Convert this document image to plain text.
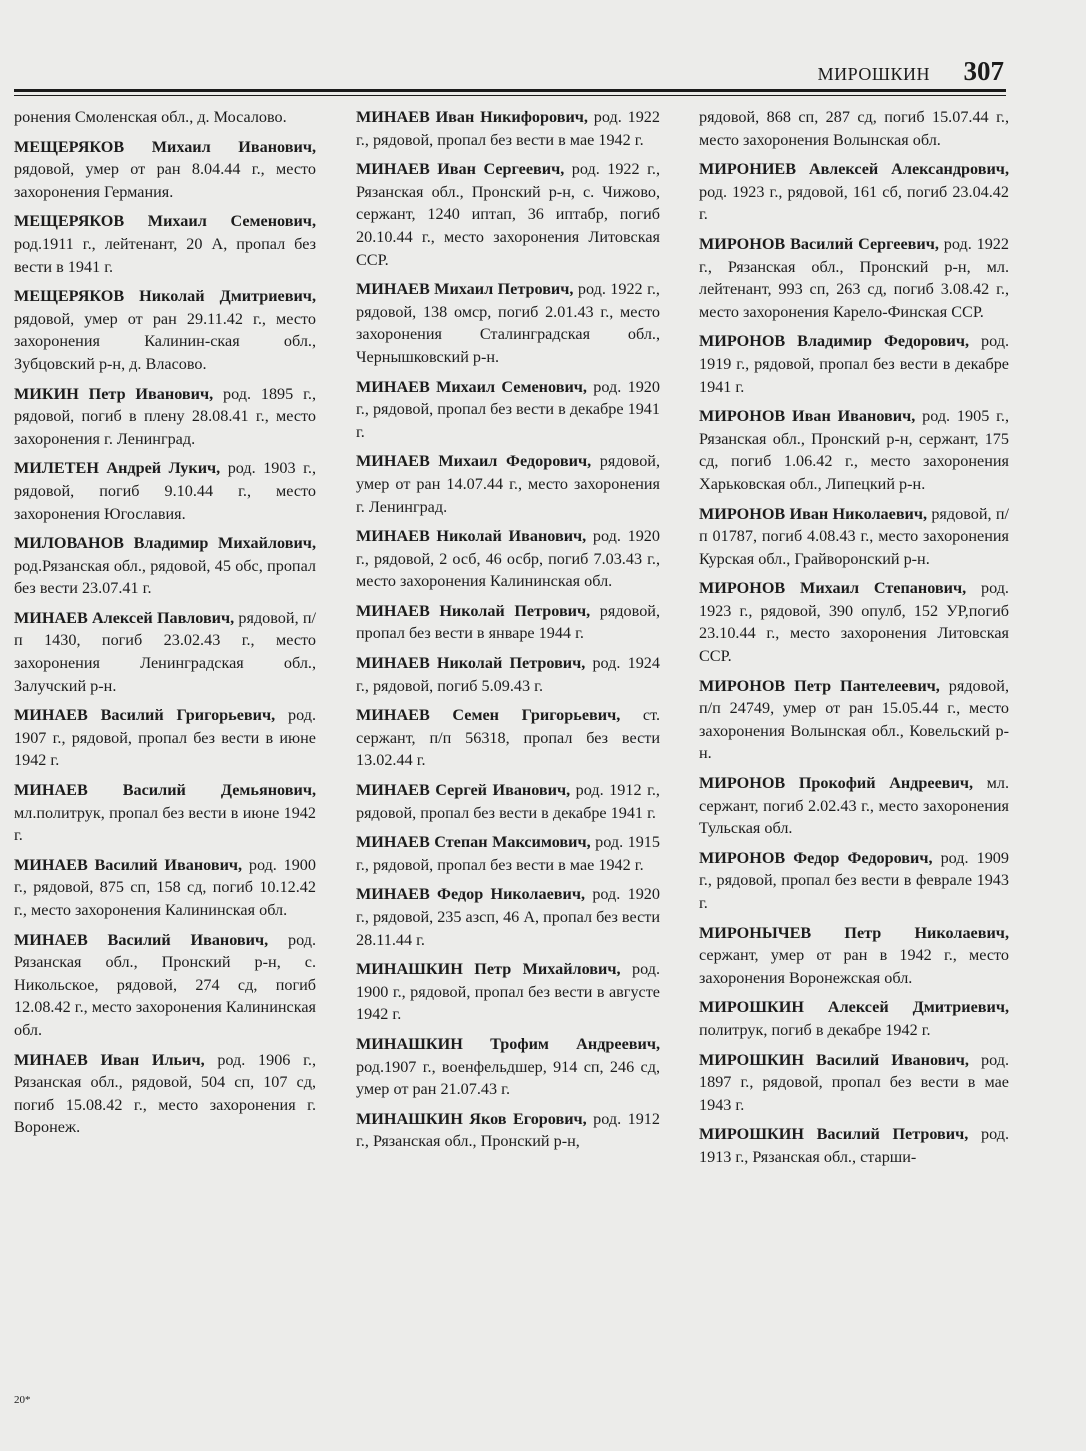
МИРОШКИН 307

ронения Смоленская обл., д. Мосалово.

МЕЩЕРЯКОВ Михаил Иванович, рядовой, умер от ран 8.04.44 г., место захоронения Германия.

МЕЩЕРЯКОВ Михаил Семенович, род.1911 г., лейтенант, 20 А, пропал без вести в 1941 г.

МЕЩЕРЯКОВ Николай Дмитриевич, рядовой, умер от ран 29.11.42 г., место захоронения Калинин-ская обл., Зубцовский р-н, д. Власово.

МИКИН Петр Иванович, род. 1895 г., рядовой, погиб в плену 28.08.41 г., место захоронения г. Ленинград.

МИЛЕТЕН Андрей Лукич, род. 1903 г., рядовой, погиб 9.10.44 г., место захоронения Югославия.

МИЛОВАНОВ Владимир Михайлович, род.Рязанская обл., рядовой, 45 обс, пропал без вести 23.07.41 г.

МИНАЕВ Алексей Павлович, рядовой, п/п 1430, погиб 23.02.43 г., место захоронения Ленинградская обл., Залучский р-н.

МИНАЕВ Василий Григорьевич, род. 1907 г., рядовой, пропал без вести в июне 1942 г.

МИНАЕВ Василий Демьянович, мл.политрук, пропал без вести в июне 1942 г.

МИНАЕВ Василий Иванович, род. 1900 г., рядовой, 875 сп, 158 сд, погиб 10.12.42 г., место захоронения Калининская обл.

МИНАЕВ Василий Иванович, род. Рязанская обл., Пронский р-н, с. Никольское, рядовой, 274 сд, погиб 12.08.42 г., место захоронения Калининская обл.

МИНАЕВ Иван Ильич, род. 1906 г., Рязанская обл., рядовой, 504 сп, 107 сд, погиб 15.08.42 г., место захоронения г. Воронеж.

МИНАЕВ Иван Никифорович, род. 1922 г., рядовой, пропал без вести в мае 1942 г.

МИНАЕВ Иван Сергеевич, род. 1922 г., Рязанская обл., Пронский р-н, с. Чижово, сержант, 1240 иптап, 36 иптабр, погиб 20.10.44 г., место захоронения Литовская ССР.

МИНАЕВ Михаил Петрович, род. 1922 г., рядовой, 138 омср, погиб 2.01.43 г., место захоронения Сталинградская обл., Чернышковский р-н.

МИНАЕВ Михаил Семенович, род. 1920 г., рядовой, пропал без вести в декабре 1941 г.

МИНАЕВ Михаил Федорович, рядовой, умер от ран 14.07.44 г., место захоронения г. Ленинград.

МИНАЕВ Николай Иванович, род. 1920 г., рядовой, 2 осб, 46 осбр, погиб 7.03.43 г., место захоронения Калининская обл.

МИНАЕВ Николай Петрович, рядовой, пропал без вести в январе 1944 г.

МИНАЕВ Николай Петрович, род. 1924 г., рядовой, погиб 5.09.43 г.

МИНАЕВ Семен Григорьевич, ст. сержант, п/п 56318, пропал без вести 13.02.44 г.

МИНАЕВ Сергей Иванович, род. 1912 г., рядовой, пропал без вести в декабре 1941 г.

МИНАЕВ Степан Максимович, род. 1915 г., рядовой, пропал без вести в мае 1942 г.

МИНАЕВ Федор Николаевич, род. 1920 г., рядовой, 235 азсп, 46 А, пропал без вести 28.11.44 г.

МИНАШКИН Петр Михайлович, род. 1900 г., рядовой, пропал без вести в августе 1942 г.

МИНАШКИН Трофим Андреевич, род.1907 г., военфельдшер, 914 сп, 246 сд, умер от ран 21.07.43 г.

МИНАШКИН Яков Егорович, род. 1912 г., Рязанская обл., Пронский р-н,

рядовой, 868 сп, 287 сд, погиб 15.07.44 г., место захоронения Волынская обл.

МИРОНИЕВ Авлексей Александрович, род. 1923 г., рядовой, 161 сб, погиб 23.04.42 г.

МИРОНОВ Василий Сергеевич, род. 1922 г., Рязанская обл., Пронский р-н, мл. лейтенант, 993 сп, 263 сд, погиб 3.08.42 г., место захоронения Карело-Финская ССР.

МИРОНОВ Владимир Федорович, род. 1919 г., рядовой, пропал без вести в декабре 1941 г.

МИРОНОВ Иван Иванович, род. 1905 г., Рязанская обл., Пронский р-н, сержант, 175 сд, погиб 1.06.42 г., место захоронения Харьковская обл., Липецкий р-н.

МИРОНОВ Иван Николаевич, рядовой, п/п 01787, погиб 4.08.43 г., место захоронения Курская обл., Грайворонский р-н.

МИРОНОВ Михаил Степанович, род. 1923 г., рядовой, 390 опулб, 152 УР,погиб 23.10.44 г., место захоронения Литовская ССР.

МИРОНОВ Петр Пантелеевич, рядовой, п/п 24749, умер от ран 15.05.44 г., место захоронения Волынская обл., Ковельский р-н.

МИРОНОВ Прокофий Андреевич, мл. сержант, погиб 2.02.43 г., место захоронения Тульская обл.

МИРОНОВ Федор Федорович, род. 1909 г., рядовой, пропал без вести в феврале 1943 г.

МИРОНЫЧЕВ Петр Николаевич, сержант, умер от ран в 1942 г., место захоронения Воронежская обл.

МИРОШКИН Алексей Дмитриевич, политрук, погиб в декабре 1942 г.

МИРОШКИН Василий Иванович, род. 1897 г., рядовой, пропал без вести в мае 1943 г.

МИРОШКИН Василий Петрович, род. 1913 г., Рязанская обл., старши-

20*
